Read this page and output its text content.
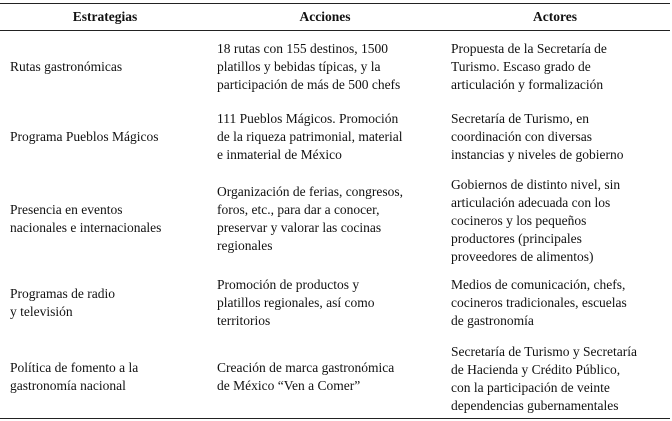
Estrategias	Acciones	Actores
Rutas gastronómicas
18 rutas con 155 destinos, 1500
platillos y bebidas típicas, y la
participación de más de 500 chefs
Propuesta de la Secretaría de
Turismo. Escaso grado de
articulación y formalización
Programa Pueblos Mágicos
111 Pueblos Mágicos. Promoción
de la riqueza patrimonial, material
e inmaterial de México
Secretaría de Turismo, en
coordinación con diversas
instancias y niveles de gobierno
Presencia en eventos
nacionales e internacionales
Organización de ferias, congresos,
foros, etc., para dar a conocer,
preservar y valorar las cocinas
regionales
Gobiernos de distinto nivel, sin
articulación adecuada con los
cocineros y los pequeños
productores (principales
proveedores de alimentos)
Programas de radio
y televisión
Promoción de productos y
platillos regionales, así como
territorios
Medios de comunicación, chefs,
cocineros tradicionales, escuelas
de gastronomía
Política de fomento a la
gastronomía nacional
Creación de marca gastronómica
de México “Ven a Comer”
Secretaría de Turismo y Secretaría
de Hacienda y Crédito Público,
con la participación de veinte
dependencias gubernamentales
